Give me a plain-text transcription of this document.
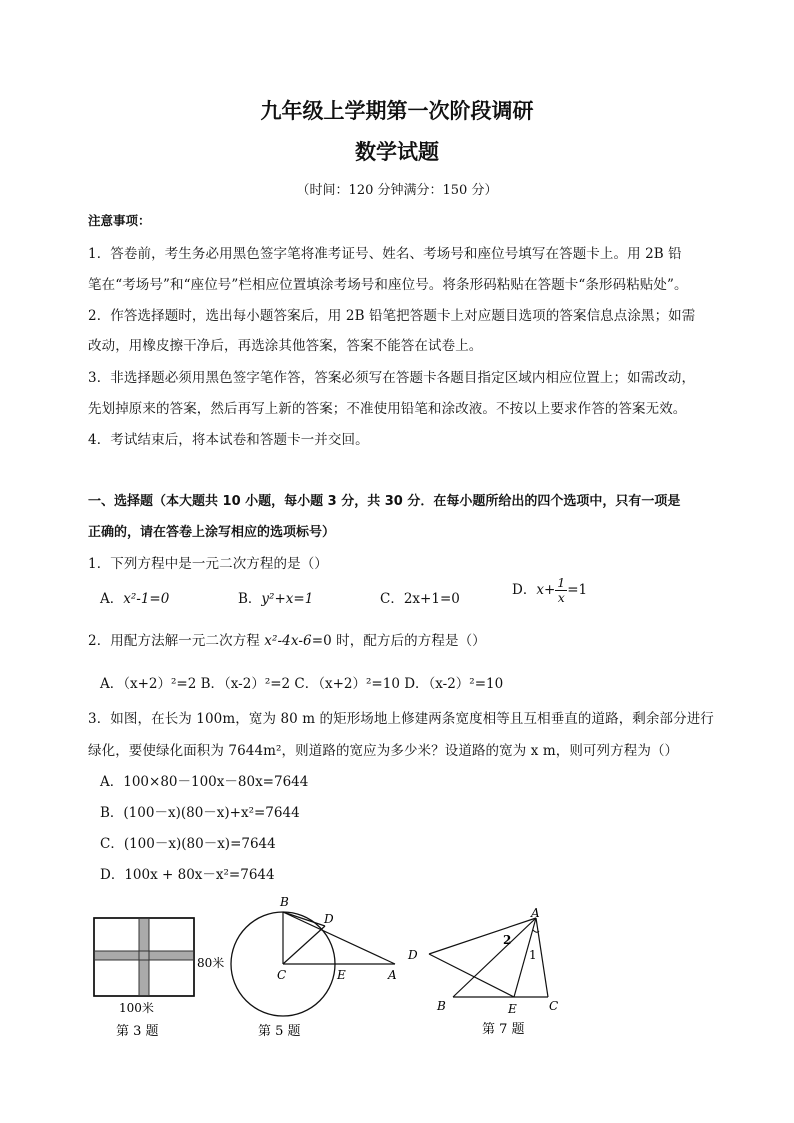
九年级上学期第一次阶段调研
数学试题
（时间：120 分钟满分：150 分）
注意事项：
1．答卷前，考生务必用黑色签字笔将准考证号、姓名、考场号和座位号填写在答题卡上。用 2B 铅
笔在“考场号”和“座位号”栏相应位置填涂考场号和座位号。将条形码粘贴在答题卡“条形码粘贴处”。
2．作答选择题时，选出每小题答案后，用 2B 铅笔把答题卡上对应题目选项的答案信息点涂黑；如需
改动，用橡皮擦干净后，再选涂其他答案，答案不能答在试卷上。
3．非选择题必须用黑色签字笔作答，答案必须写在答题卡各题目指定区域内相应位置上；如需改动，
先划掉原来的答案，然后再写上新的答案；不准使用铅笔和涂改液。不按以上要求作答的答案无效。
4．考试结束后，将本试卷和答题卡一并交回。
一、选择题（本大题共 10 小题，每小题 3 分，共 30 分．在每小题所给出的四个选项中，只有一项是
正确的，请在答卷上涂写相应的选项标号）
1．下列方程中是一元二次方程的是（）
A．x²-1=0	B．y²+x=1	C．2x+1=0
D．$x+ \frac{1}{x} =1$
2．用配方法解一元二次方程 x²-4x-6=0 时，配方后的方程是（）
A．（x+2）²=2 B．（x-2）²=2 C．（x+2）²=10 D．（x-2）²=10
3．如图，在长为 100m，宽为 80 m 的矩形场地上修建两条宽度相等且互相垂直的道路，剩余部分进行
绿化，要使绿化面积为 7644m²，则道路的宽应为多少米？设道路的宽为 x m，则可列方程为（）
A．100×80－100x－80x=7644
B．(100－x)(80－x)+x²=7644
C．(100－x)(80－x)=7644
D．100x + 80x－x²=7644
80米
100米
第 3 题
B
D
C	E	A
第 5 题
A
D
B	E	C
1
2
第 7 题
